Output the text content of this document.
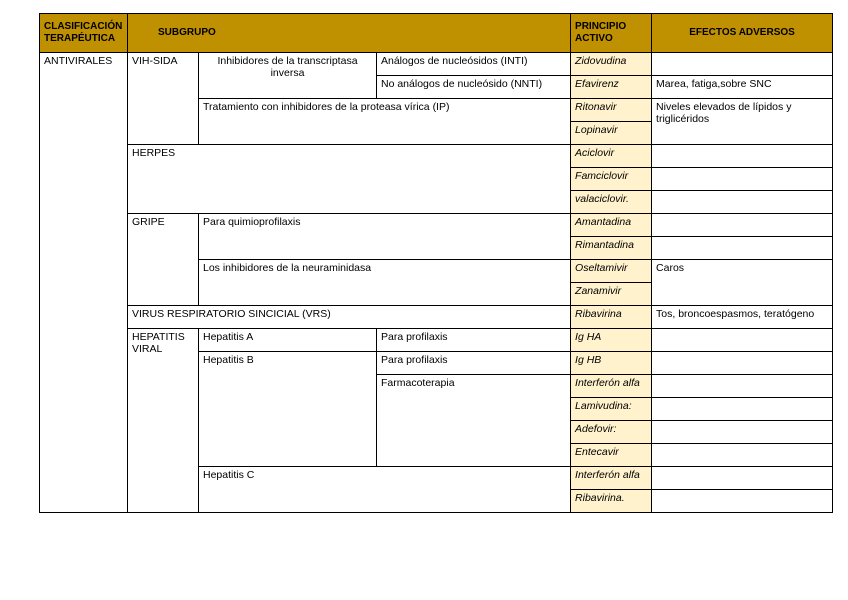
CLASIFICACIÓN TERAPÉUTICA	SUBGRUPO			PRINCIPIO ACTIVO	EFECTOS ADVERSOS
ANTIVIRALES	VIH-SIDA	Inhibidores de la transcriptasa inversa	Análogos de nucleósidos (INTI)	Zidovudina	
			No análogos de nucleósido (NNTI)	Efavirenz	Marea, fatiga,sobre SNC
		Tratamiento con inhibidores de la proteasa vírica (IP)		Ritonavir	Niveles elevados de lípidos y triglicéridos
				Lopinavir	
	HERPES			Aciclovir	
				Famciclovir	
				valaciclovir.	
	GRIPE	Para quimioprofilaxis		Amantadina	
				Rimantadina	
		Los inhibidores de la neuraminidasa		Oseltamivir	Caros
				Zanamivir	
	VIRUS RESPIRATORIO SINCICIAL (VRS)			Ribavirina	Tos, broncoespasmos, teratógeno
	HEPATITIS VIRAL	Hepatitis A	Para profilaxis	Ig HA	
		Hepatitis B	Para profilaxis	Ig HB	
			Farmacoterapia	Interferón alfa	
				Lamivudina:	
				Adefovir:	
				Entecavir	
		Hepatitis C		Interferón alfa	
				Ribavirina.	
